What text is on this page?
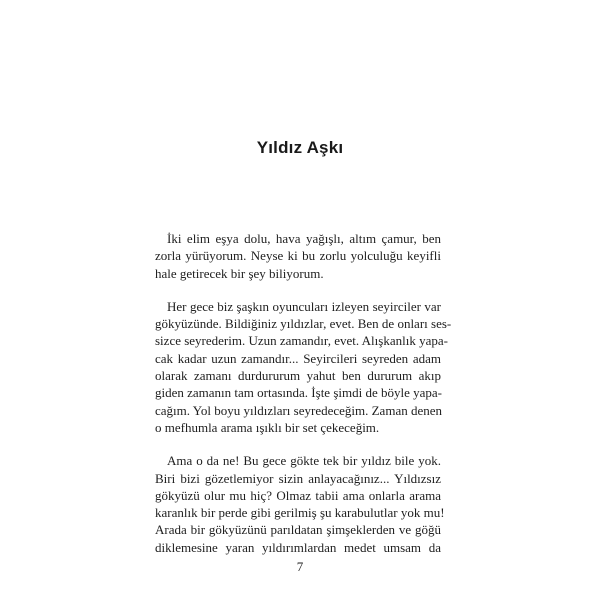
Yıldız Aşkı

İki elim eşya dolu, hava yağışlı, altım çamur, ben
zorla yürüyorum. Neyse ki bu zorlu yolculuğu keyifli
hale getirecek bir şey biliyorum.

Her gece biz şaşkın oyuncuları izleyen seyirciler var
gökyüzünde. Bildiğiniz yıldızlar, evet. Ben de onları ses-
sizce seyrederim. Uzun zamandır, evet. Alışkanlık yapa-
cak kadar uzun zamandır... Seyircileri seyreden adam
olarak zamanı durdururum yahut ben dururum akıp
giden zamanın tam ortasında. İşte şimdi de böyle yapa-
cağım. Yol boyu yıldızları seyredeceğim. Zaman denen
o mefhumla arama ışıklı bir set çekeceğim.

Ama o da ne! Bu gece gökte tek bir yıldız bile yok.
Biri bizi gözetlemiyor sizin anlayacağınız... Yıldızsız
gökyüzü olur mu hiç? Olmaz tabii ama onlarla arama
karanlık bir perde gibi gerilmiş şu karabulutlar yok mu!
Arada bir gökyüzünü parıldatan şimşeklerden ve göğü
diklemesine yaran yıldırımlardan medet umsam da

7
